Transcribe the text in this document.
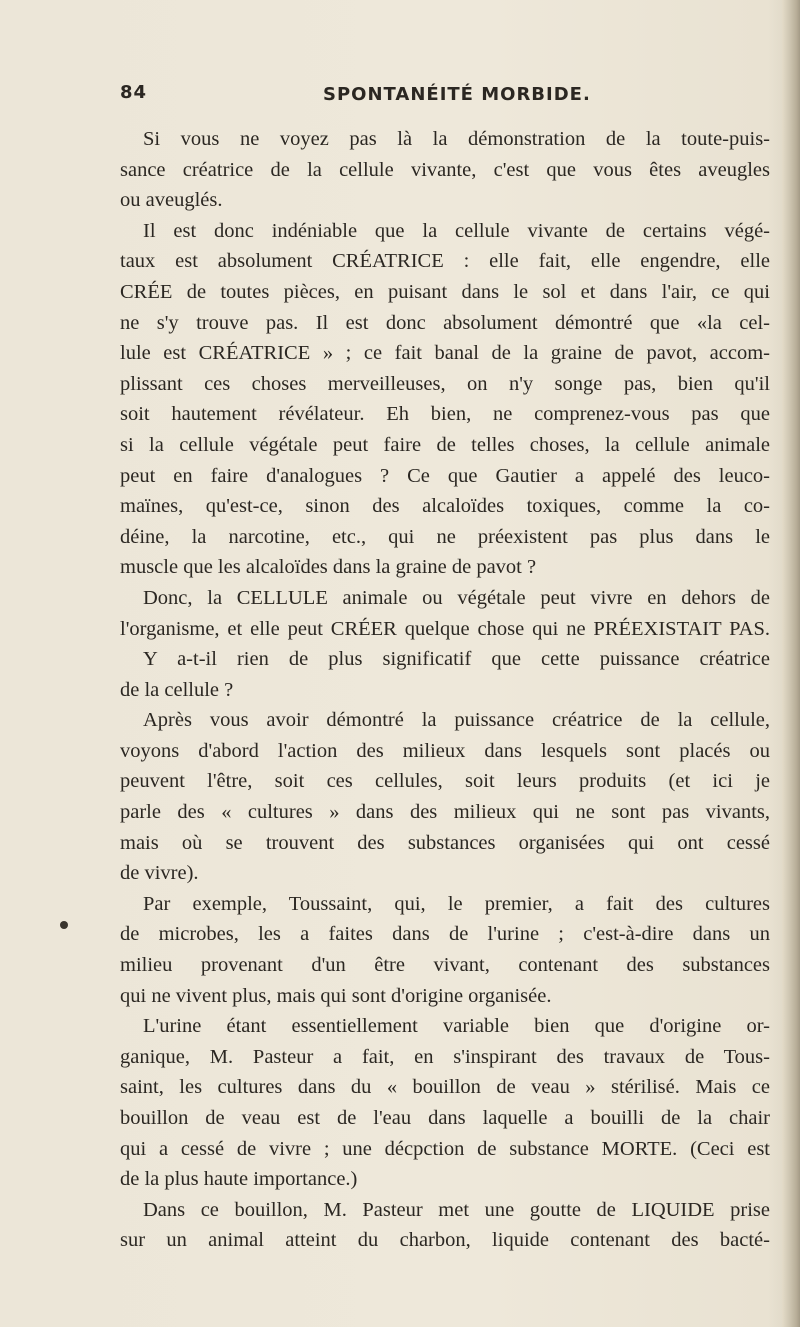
84	SPONTANÉITÉ MORBIDE.
Si vous ne voyez pas là la démonstration de la toute-puis-
sance créatrice de la cellule vivante, c'est que vous êtes aveugles
ou aveuglés.
Il est donc indéniable que la cellule vivante de certains végé-
taux est absolument CRÉATRICE : elle fait, elle engendre, elle
CRÉE de toutes pièces, en puisant dans le sol et dans l'air, ce qui
ne s'y trouve pas. Il est donc absolument démontré que «la cel-
lule est CRÉATRICE » ; ce fait banal de la graine de pavot, accom-
plissant ces choses merveilleuses, on n'y songe pas, bien qu'il
soit hautement révélateur. Eh bien, ne comprenez-vous pas que
si la cellule végétale peut faire de telles choses, la cellule animale
peut en faire d'analogues ? Ce que Gautier a appelé des leuco-
maïnes, qu'est-ce, sinon des alcaloïdes toxiques, comme la co-
déine, la narcotine, etc., qui ne préexistent pas plus dans le
muscle que les alcaloïdes dans la graine de pavot ?
Donc, la CELLULE animale ou végétale peut vivre en dehors de
l'organisme, et elle peut CRÉER quelque chose qui ne PRÉEXISTAIT PAS.
Y a-t-il rien de plus significatif que cette puissance créatrice
de la cellule ?
Après vous avoir démontré la puissance créatrice de la cellule,
voyons d'abord l'action des milieux dans lesquels sont placés ou
peuvent l'être, soit ces cellules, soit leurs produits (et ici je
parle des « cultures » dans des milieux qui ne sont pas vivants,
mais où se trouvent des substances organisées qui ont cessé
de vivre).
Par exemple, Toussaint, qui, le premier, a fait des cultures
de microbes, les a faites dans de l'urine ; c'est-à-dire dans un
milieu provenant d'un être vivant, contenant des substances
qui ne vivent plus, mais qui sont d'origine organisée.
L'urine étant essentiellement variable bien que d'origine or-
ganique, M. Pasteur a fait, en s'inspirant des travaux de Tous-
saint, les cultures dans du « bouillon de veau » stérilisé. Mais ce
bouillon de veau est de l'eau dans laquelle a bouilli de la chair
qui a cessé de vivre ; une décpction de substance MORTE. (Ceci est
de la plus haute importance.)
Dans ce bouillon, M. Pasteur met une goutte de LIQUIDE prise
sur un animal atteint du charbon, liquide contenant des bacté-
